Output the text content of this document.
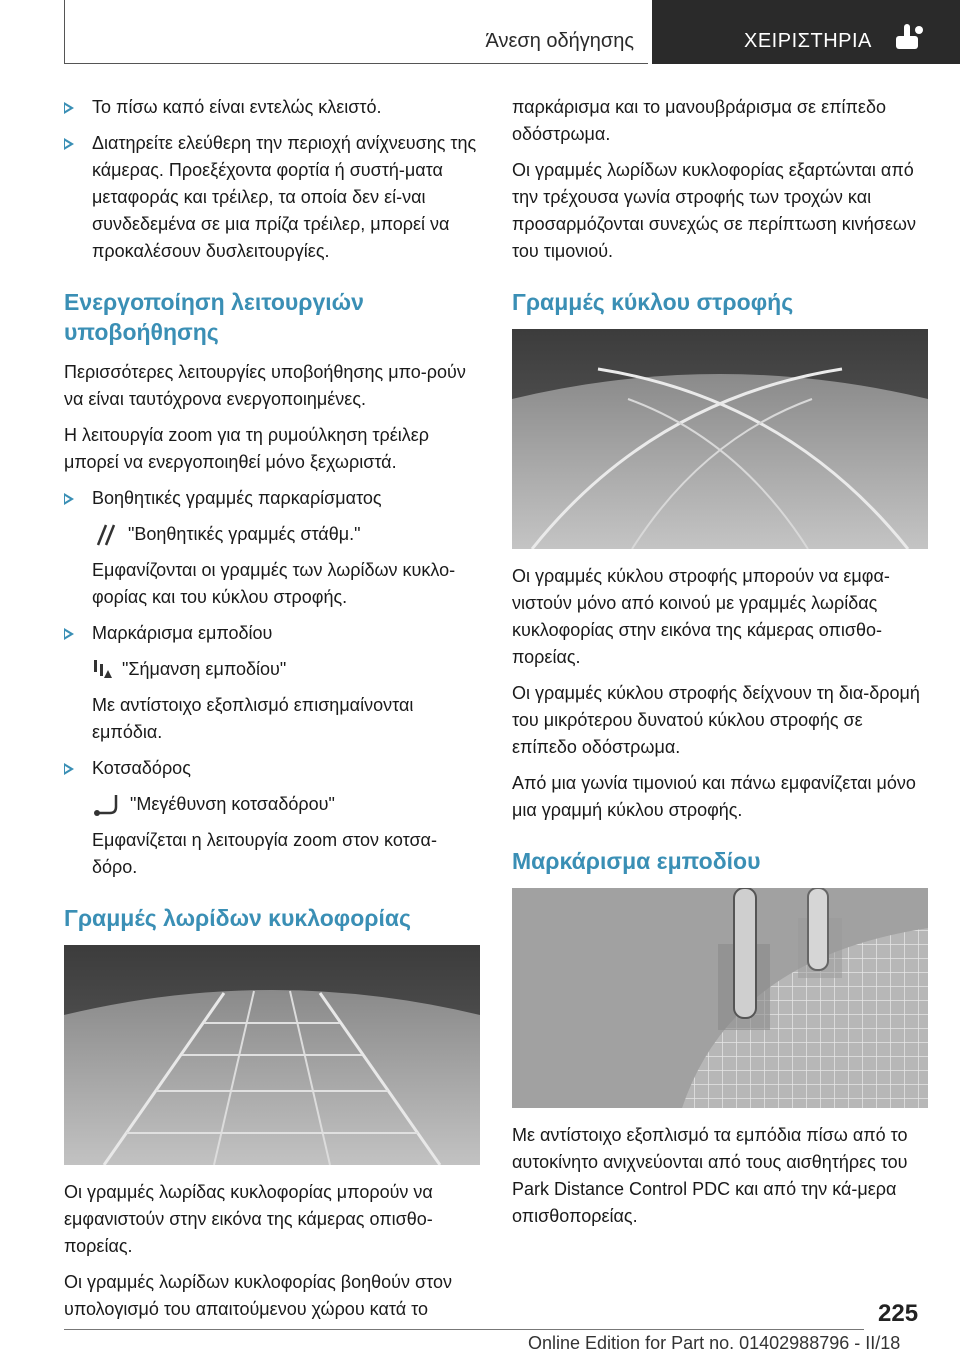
Άνεση οδήγησης	ΧΕΙΡΙΣΤΗΡΙΑ

Το πίσω καπό είναι εντελώς κλειστό.

Διατηρείτε ελεύθερη την περιοχή ανίχνευσης της κάμερας. Προεξέχοντα φορτία ή συστή-ματα μεταφοράς και τρέιλερ, τα οποία δεν εί-ναι συνδεδεμένα σε μια πρίζα τρέιλερ, μπορεί να προκαλέσουν δυσλειτουργίες.

Ενεργοποίηση λειτουργιών υποβοήθησης

Περισσότερες λειτουργίες υποβοήθησης μπο-ρούν να είναι ταυτόχρονα ενεργοποιημένες.

Η λειτουργία zoom για τη ρυμούλκηση τρέιλερ μπορεί να ενεργοποιηθεί μόνο ξεχωριστά.

Βοηθητικές γραμμές παρκαρίσματος

"Βοηθητικές γραμμές στάθμ."

Εμφανίζονται οι γραμμές των λωρίδων κυκλο-φορίας και του κύκλου στροφής.

Μαρκάρισμα εμποδίου

"Σήμανση εμποδίου"

Με αντίστοιχο εξοπλισμό επισημαίνονται εμπόδια.

Κοτσαδόρος

"Μεγέθυνση κοτσαδόρου"

Εμφανίζεται η λειτουργία zoom στον κοτσα-δόρο.

Γραμμές λωρίδων κυκλοφορίας

Οι γραμμές λωρίδας κυκλοφορίας μπορούν να εμφανιστούν στην εικόνα της κάμερας οπισθο-πορείας.

Οι γραμμές λωρίδων κυκλοφορίας βοηθούν στον υπολογισμό του απαιτούμενου χώρου κατά το

παρκάρισμα και το μανουβράρισμα σε επίπεδο οδόστρωμα.

Οι γραμμές λωρίδων κυκλοφορίας εξαρτώνται από την τρέχουσα γωνία στροφής των τροχών και προσαρμόζονται συνεχώς σε περίπτωση κινήσεων του τιμονιού.

Γραμμές κύκλου στροφής

Οι γραμμές κύκλου στροφής μπορούν να εμφα-νιστούν μόνο από κοινού με γραμμές λωρίδας κυκλοφορίας στην εικόνα της κάμερας οπισθο-πορείας.

Οι γραμμές κύκλου στροφής δείχνουν τη δια-δρομή του μικρότερου δυνατού κύκλου στροφής σε επίπεδο οδόστρωμα.

Από μια γωνία τιμονιού και πάνω εμφανίζεται μόνο μια γραμμή κύκλου στροφής.

Μαρκάρισμα εμποδίου

Με αντίστοιχο εξοπλισμό τα εμπόδια πίσω από το αυτοκίνητο ανιχνεύονται από τους αισθητήρες του Park Distance Control PDC και από την κά-μερα οπισθοπορείας.

225
Online Edition for Part no. 01402988796 - II/18
